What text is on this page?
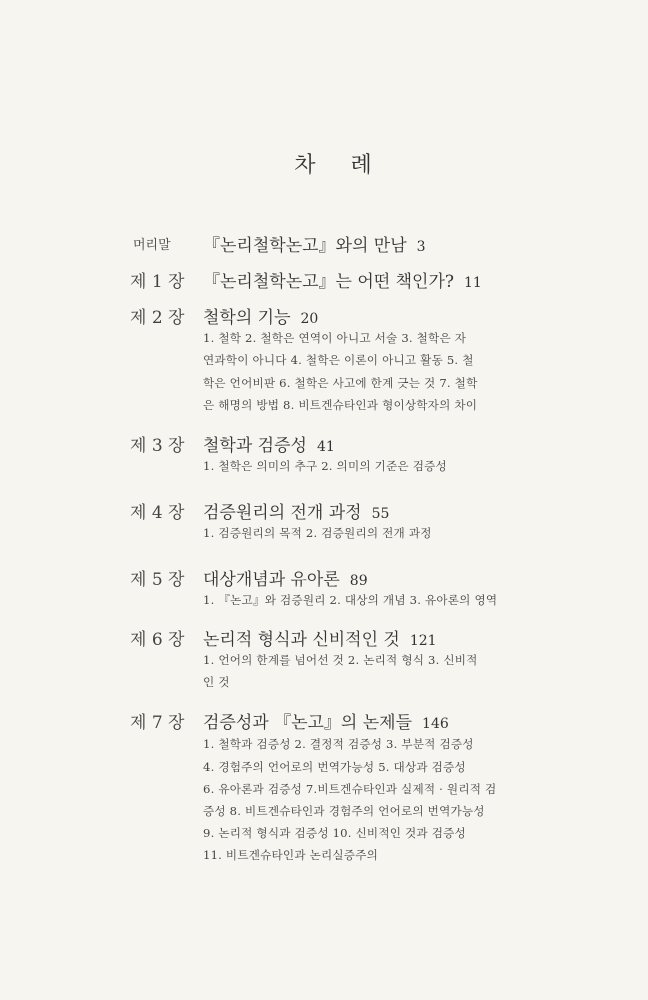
차 례
머리말 『논리철학논고』와의 만남 3
제 1 장 『논리철학논고』는 어떤 책인가? 11
제 2 장 철학의 기능 20
1. 철학 2. 철학은 연역이 아니고 서술 3. 철학은 자
연과학이 아니다 4. 철학은 이론이 아니고 활동 5. 철
학은 언어비판 6. 철학은 사고에 한계 긋는 것 7. 철학
은 해명의 방법 8. 비트겐슈타인과 형이상학자의 차이
제 3 장 철학과 검증성 41
1. 철학은 의미의 추구 2. 의미의 기준은 검증성
제 4 장 검증원리의 전개 과정 55
1. 검증원리의 목적 2. 검증원리의 전개 과정
제 5 장 대상개념과 유아론 89
1. 『논고』와 검증원리 2. 대상의 개념 3. 유아론의 영역
제 6 장 논리적 형식과 신비적인 것 121
1. 언어의 한계를 넘어선 것 2. 논리적 형식 3. 신비적
인 것
제 7 장 검증성과 『논고』의 논제들 146
1. 철학과 검증성 2. 결정적 검증성 3. 부분적 검증성
4. 경험주의 언어로의 번역가능성 5. 대상과 검증성
6. 유아론과 검증성 7.비트겐슈타인과 실제적 · 원리적 검
증성 8. 비트겐슈타인과 경험주의 언어로의 번역가능성
9. 논리적 형식과 검증성 10. 신비적인 것과 검증성
11. 비트겐슈타인과 논리실증주의
